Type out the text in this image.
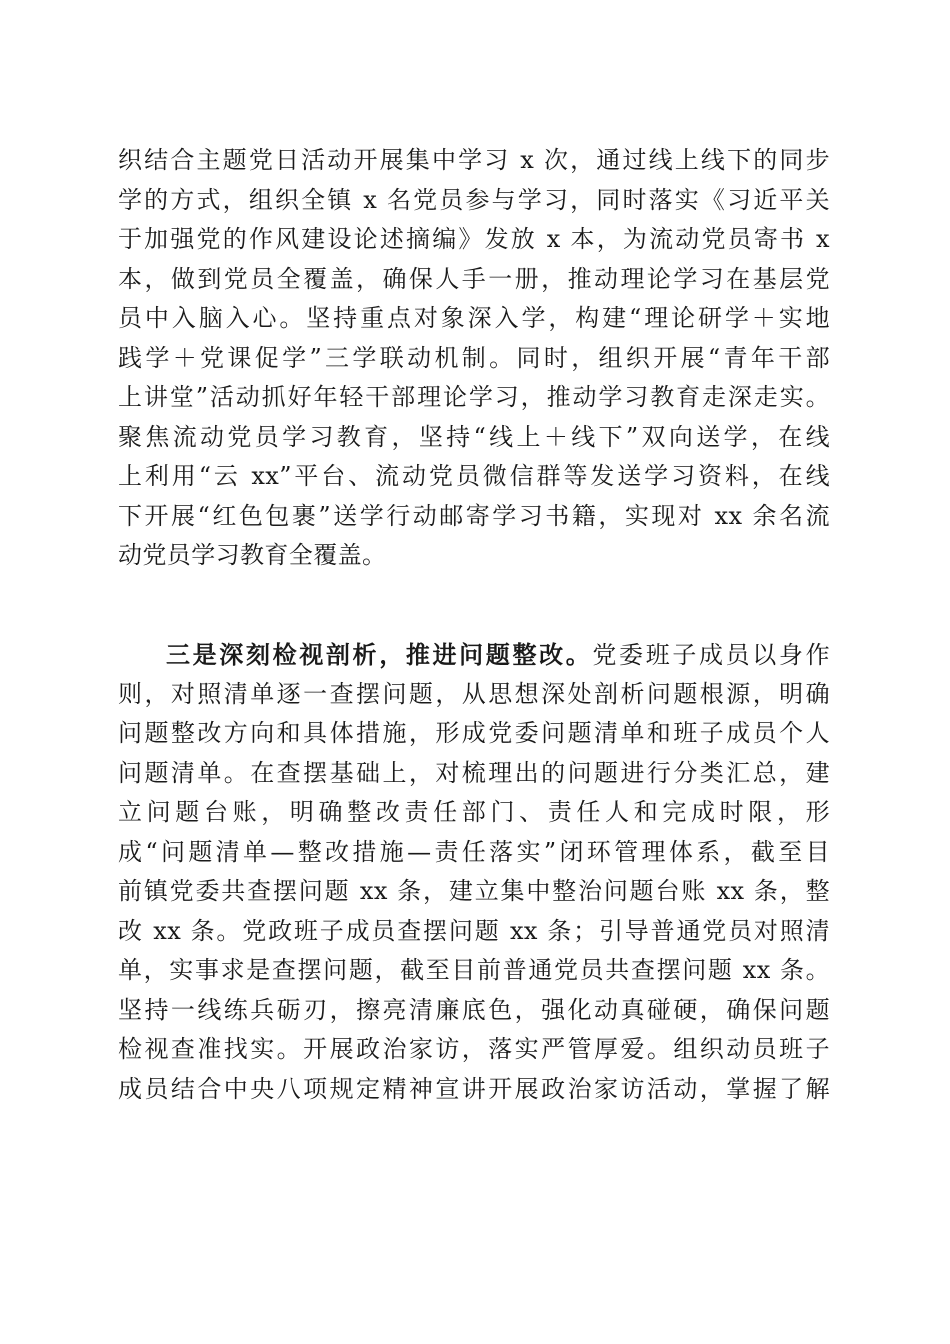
织结合主题党日活动开展集中学习 x 次，通过线上线下的同步
学的方式，组织全镇 x 名党员参与学习，同时落实《习近平关
于加强党的作风建设论述摘编》发放 x 本，为流动党员寄书 x
本，做到党员全覆盖，确保人手一册，推动理论学习在基层党
员中入脑入心。坚持重点对象深入学，构建“理论研学＋实地
践学＋党课促学”三学联动机制。同时，组织开展“青年干部
上讲堂”活动抓好年轻干部理论学习，推动学习教育走深走实。
聚焦流动党员学习教育，坚持“线上＋线下”双向送学，在线
上利用“云 xx”平台、流动党员微信群等发送学习资料，在线
下开展“红色包裹”送学行动邮寄学习书籍，实现对 xx 余名流
动党员学习教育全覆盖。
三是深刻检视剖析，推进问题整改。党委班子成员以身作
则，对照清单逐一查摆问题，从思想深处剖析问题根源，明确
问题整改方向和具体措施，形成党委问题清单和班子成员个人
问题清单。在查摆基础上，对梳理出的问题进行分类汇总，建
立问题台账，明确整改责任部门、责任人和完成时限，形
成“问题清单—整改措施—责任落实”闭环管理体系，截至目
前镇党委共查摆问题 xx 条，建立集中整治问题台账 xx 条，整
改 xx 条。党政班子成员查摆问题 xx 条；引导普通党员对照清
单，实事求是查摆问题，截至目前普通党员共查摆问题 xx 条。
坚持一线练兵砺刃，擦亮清廉底色，强化动真碰硬，确保问题
检视查准找实。开展政治家访，落实严管厚爱。组织动员班子
成员结合中央八项规定精神宣讲开展政治家访活动，掌握了解
